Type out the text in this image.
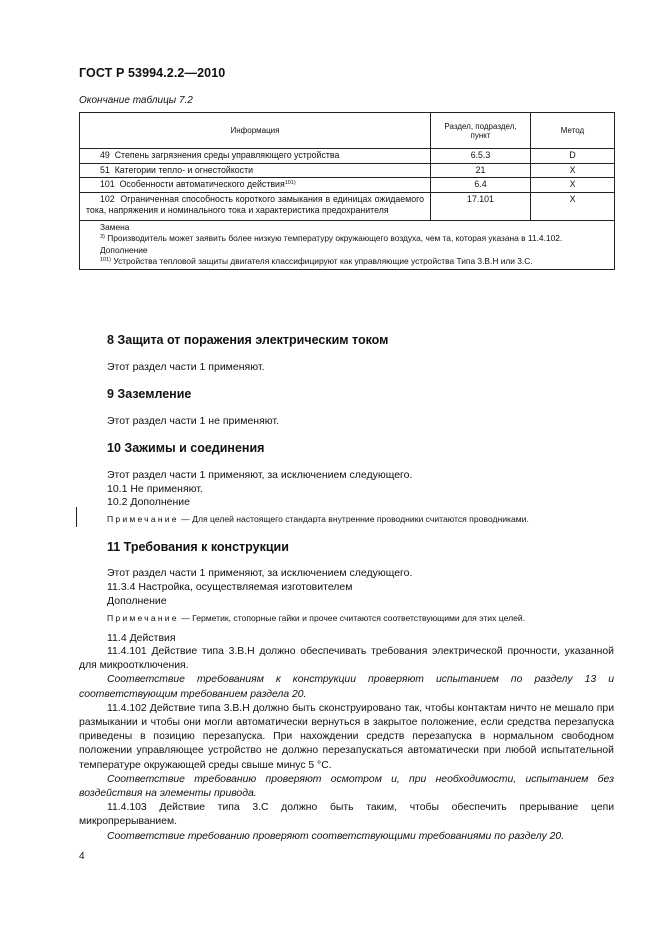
ГОСТ Р 53994.2.2—2010
Окончание таблицы 7.2
Информация	Раздел, подраздел, пункт	Метод
49 Степень загрязнения среды управляющего устройства	6.5.3	D
51 Категории тепло- и огнестойкости	21	X
101 Особенности автоматического действия$^{101)}$	6.4	X
102 Ограниченная способность короткого замыкания в единицах ожидаемого тока, напряжения и номинального тока и характеристика предохранителя	17.101	X

Замена
$^{3)}$ Производитель может заявить более низкую температуру окружающего воздуха, чем та, которая указана в 11.4.102.
Дополнение
$^{101)}$ Устройства тепловой защиты двигателя классифицируют как управляющие устройства Типа 3.В.Н или 3.С.		
8 Защита от поражения электрическим током
Этот раздел части 1 применяют.
9 Заземление
Этот раздел части 1 не применяют.
10 Зажимы и соединения
Этот раздел части 1 применяют, за исключением следующего.
10.1 Не применяют.
10.2 Дополнение
Примечание — Для целей настоящего стандарта внутренние проводники считаются проводниками.
11 Требования к конструкции
Этот раздел части 1 применяют, за исключением следующего.
11.3.4 Настройка, осуществляемая изготовителем
Дополнение
Примечание — Герметик, стопорные гайки и прочее считаются соответствующими для этих целей.
11.4 Действия
11.4.101 Действие типа 3.В.Н должно обеспечивать требования электрической прочности, указанной для микроотключения.
Соответствие требованиям к конструкции проверяют испытанием по разделу 13 и соответствующим требованием раздела 20.
11.4.102 Действие типа 3.В.Н должно быть сконструировано так, чтобы контактам ничто не мешало при размыкании и чтобы они могли автоматически вернуться в закрытое положение, если средства перезапуска приведены в позицию перезапуска. При нахождении средств перезапуска в нормальном свободном положении управляющее устройство не должно перезапускаться автоматически при любой испытательной температуре окружающей среды свыше минус 5 °С.
Соответствие требованию проверяют осмотром и, при необходимости, испытанием без воздействия на элементы привода.
11.4.103 Действие типа 3.С должно быть таким, чтобы обеспечить прерывание цепи микропрерыванием.
Соответствие требованию проверяют соответствующими требованиями по разделу 20.
4
